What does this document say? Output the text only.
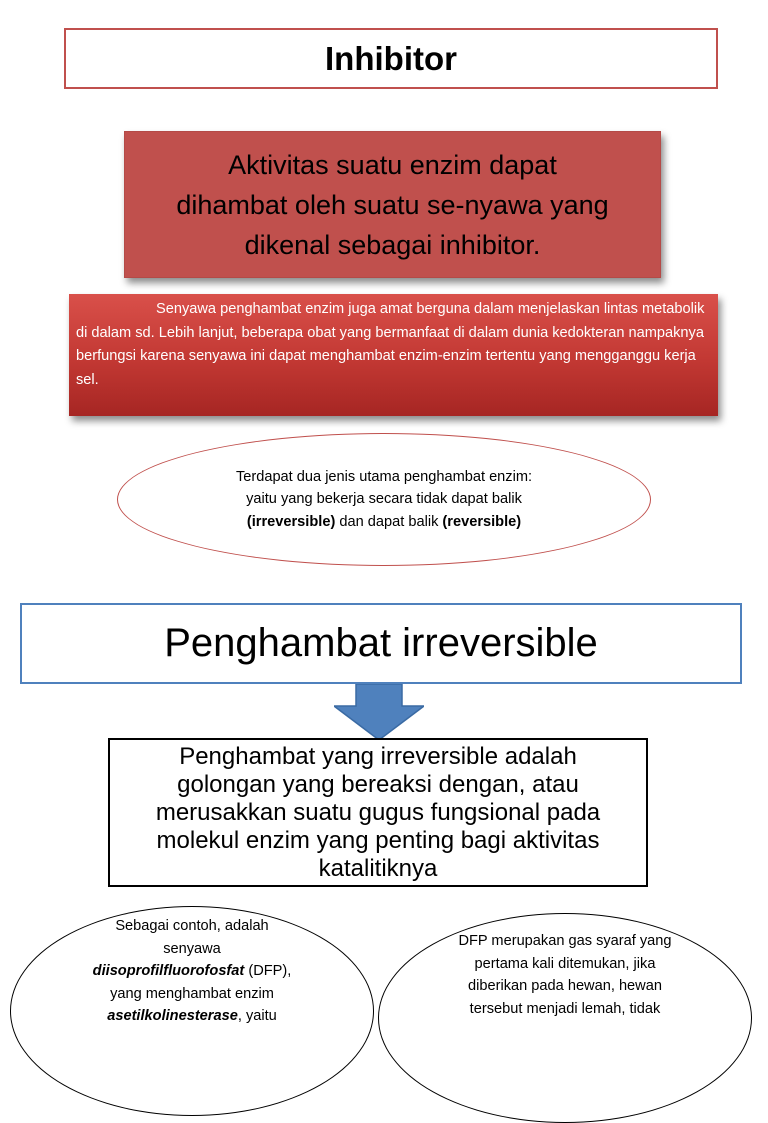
Inhibitor
Aktivitas suatu enzim dapat
dihambat oleh suatu se-nyawa yang
dikenal sebagai inhibitor.

Senyawa penghambat enzim juga amat berguna dalam menjelaskan lintas metabolik di dalam sd. Lebih lanjut, beberapa obat yang bermanfaat di dalam dunia kedokteran nampaknya berfungsi karena senyawa ini dapat menghambat enzim-enzim tertentu yang mengganggu kerja sel.

Terdapat dua jenis utama penghambat enzim:
yaitu yang bekerja secara tidak dapat balik
(irreversible) dan dapat balik (reversible)
Penghambat irreversible
Penghambat yang irreversible adalah
golongan yang bereaksi dengan, atau
merusakkan suatu gugus fungsional pada
molekul enzim yang penting bagi aktivitas
katalitiknya
Sebagai contoh, adalah
senyawa
diisoprofilfluorofosfat (DFP),
yang menghambat enzim
asetilkolinesterase, yaitu
DFP merupakan gas syaraf yang
pertama kali ditemukan, jika
diberikan pada hewan, hewan
tersebut menjadi lemah, tidak
